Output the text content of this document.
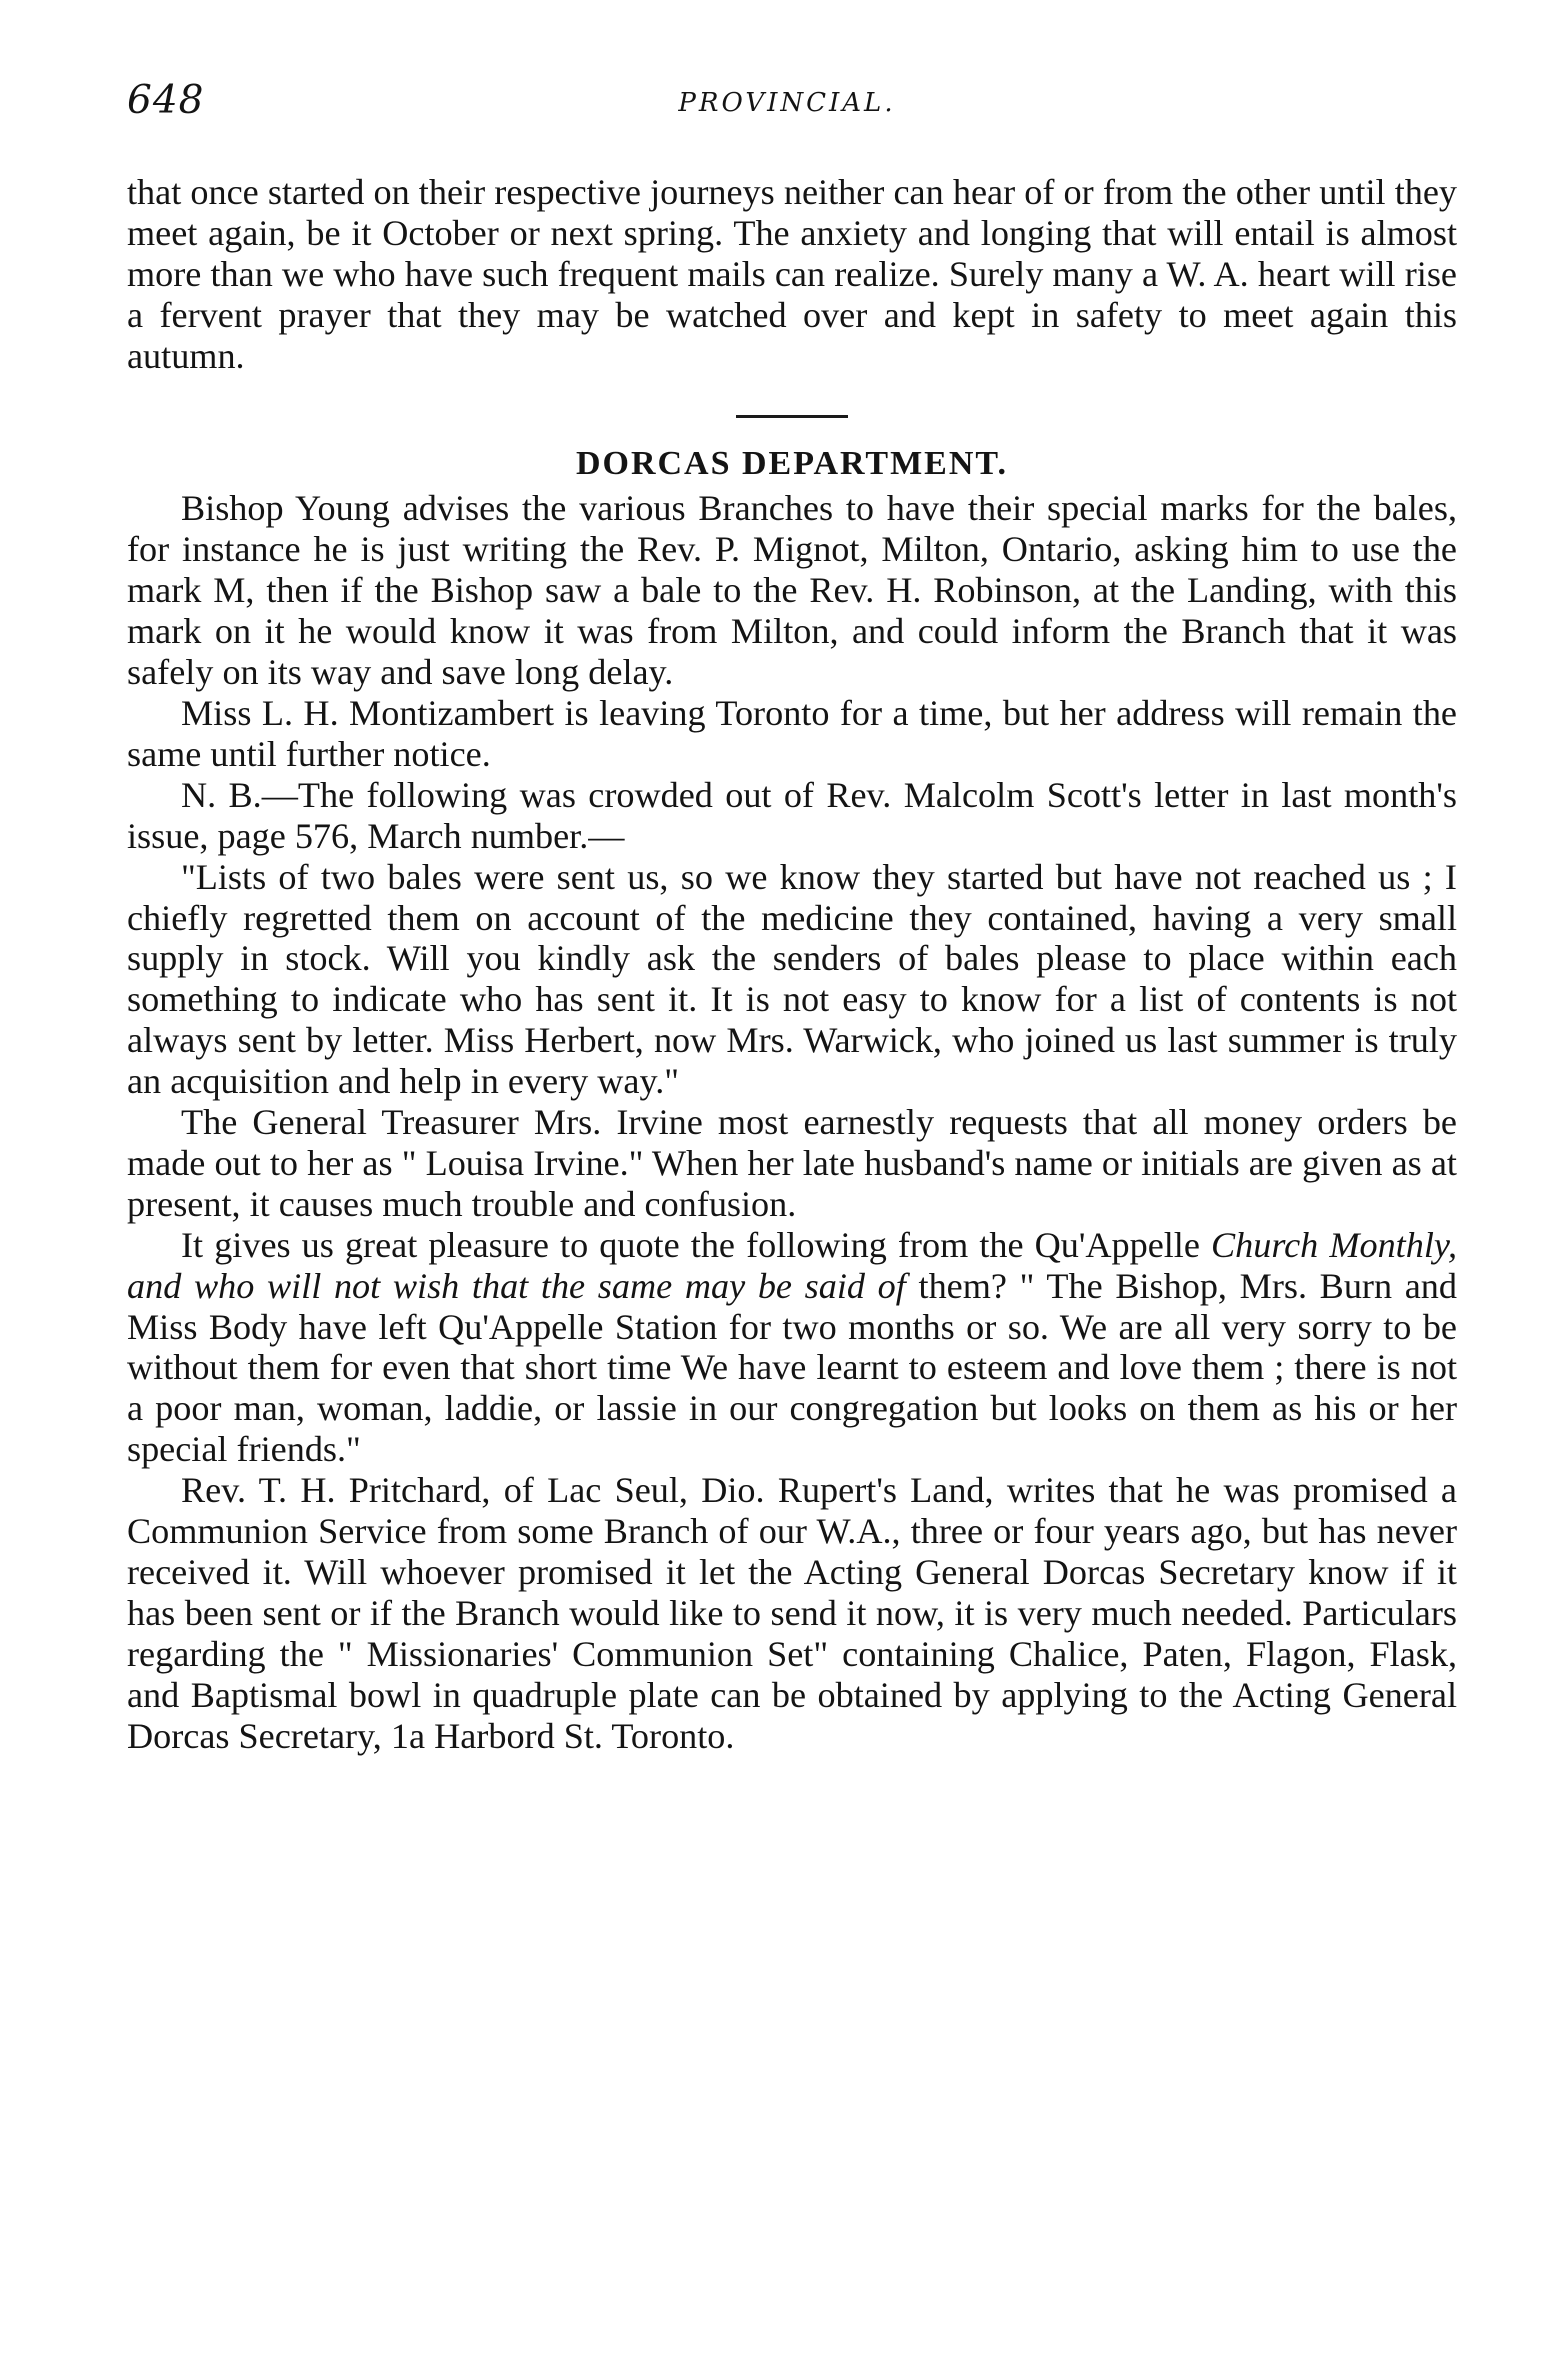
648	PROVINCIAL.

that once started on their respective journeys neither can hear of or from the other until they meet again, be it October or next spring. The anxiety and longing that will entail is almost more than we who have such frequent mails can realize. Surely many a W. A. heart will rise a fervent prayer that they may be watched over and kept in safety to meet again this autumn.

DORCAS DEPARTMENT.

Bishop Young advises the various Branches to have their special marks for the bales, for instance he is just writing the Rev. P. Mignot, Milton, Ontario, asking him to use the mark M, then if the Bishop saw a bale to the Rev. H. Robinson, at the Landing, with this mark on it he would know it was from Milton, and could inform the Branch that it was safely on its way and save long delay.

Miss L. H. Montizambert is leaving Toronto for a time, but her address will remain the same until further notice.

N. B.—The following was crowded out of Rev. Malcolm Scott's letter in last month's issue, page 576, March number.—

"Lists of two bales were sent us, so we know they started but have not reached us ; I chiefly regretted them on account of the medicine they contained, having a very small supply in stock. Will you kindly ask the senders of bales please to place within each something to indicate who has sent it. It is not easy to know for a list of contents is not always sent by letter. Miss Herbert, now Mrs. Warwick, who joined us last summer is truly an acquisition and help in every way."

The General Treasurer Mrs. Irvine most earnestly requests that all money orders be made out to her as " Louisa Irvine." When her late husband's name or initials are given as at present, it causes much trouble and confusion.

It gives us great pleasure to quote the following from the Qu'Appelle Church Monthly, and who will not wish that the same may be said of them? " The Bishop, Mrs. Burn and Miss Body have left Qu'Appelle Station for two months or so. We are all very sorry to be without them for even that short time We have learnt to esteem and love them ; there is not a poor man, woman, laddie, or lassie in our congregation but looks on them as his or her special friends."

Rev. T. H. Pritchard, of Lac Seul, Dio. Rupert's Land, writes that he was promised a Communion Service from some Branch of our W.A., three or four years ago, but has never received it. Will whoever promised it let the Acting General Dorcas Secretary know if it has been sent or if the Branch would like to send it now, it is very much needed. Particulars regarding the " Missionaries' Communion Set" containing Chalice, Paten, Flagon, Flask, and Baptismal bowl in quadruple plate can be obtained by applying to the Acting General Dorcas Secretary, 1a Harbord St. Toronto.
